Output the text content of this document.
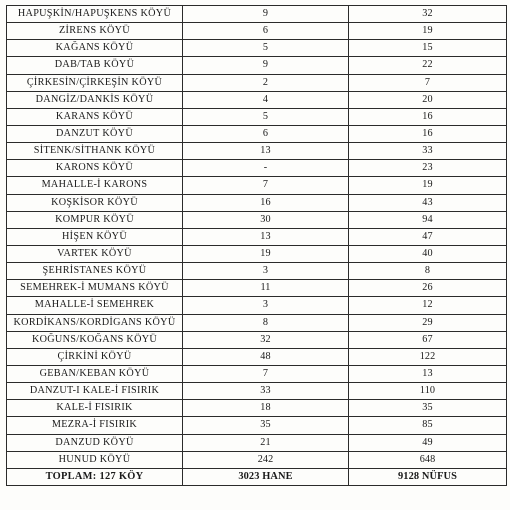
HAPUŞKİN/HAPUŞKENS KÖYÜ	9	32
ZİRENS KÖYÜ	6	19
KAĞANS KÖYÜ	5	15
DAB/TAB KÖYÜ	9	22
ÇİRKESİN/ÇİRKEŞİN KÖYÜ	2	7
DANGİZ/DANKİS KÖYÜ	4	20
KARANS KÖYÜ	5	16
DANZUT KÖYÜ	6	16
SİTENK/SİTHANK KÖYÜ	13	33
KARONS KÖYÜ	-	23
MAHALLE-İ KARONS	7	19
KOŞKİSOR KÖYÜ	16	43
KOMPUR KÖYÜ	30	94
HİŞEN KÖYÜ	13	47
VARTEK KÖYÜ	19	40
ŞEHRİSTANES KÖYÜ	3	8
SEMEHREK-İ MUMANS KÖYÜ	11	26
MAHALLE-İ SEMEHREK	3	12
KORDİKANS/KORDİGANS KÖYÜ	8	29
KOĞUNS/KOĞANS KÖYÜ	32	67
ÇİRKİNİ KÖYÜ	48	122
GEBAN/KEBAN KÖYÜ	7	13
DANZUT-I KALE-İ FISIRIK	33	110
KALE-İ FISIRIK	18	35
MEZRA-İ FISIRIK	35	85
DANZUD KÖYÜ	21	49
HUNUD KÖYÜ	242	648
TOPLAM: 127 KÖY	3023 HANE	9128 NÜFUS
